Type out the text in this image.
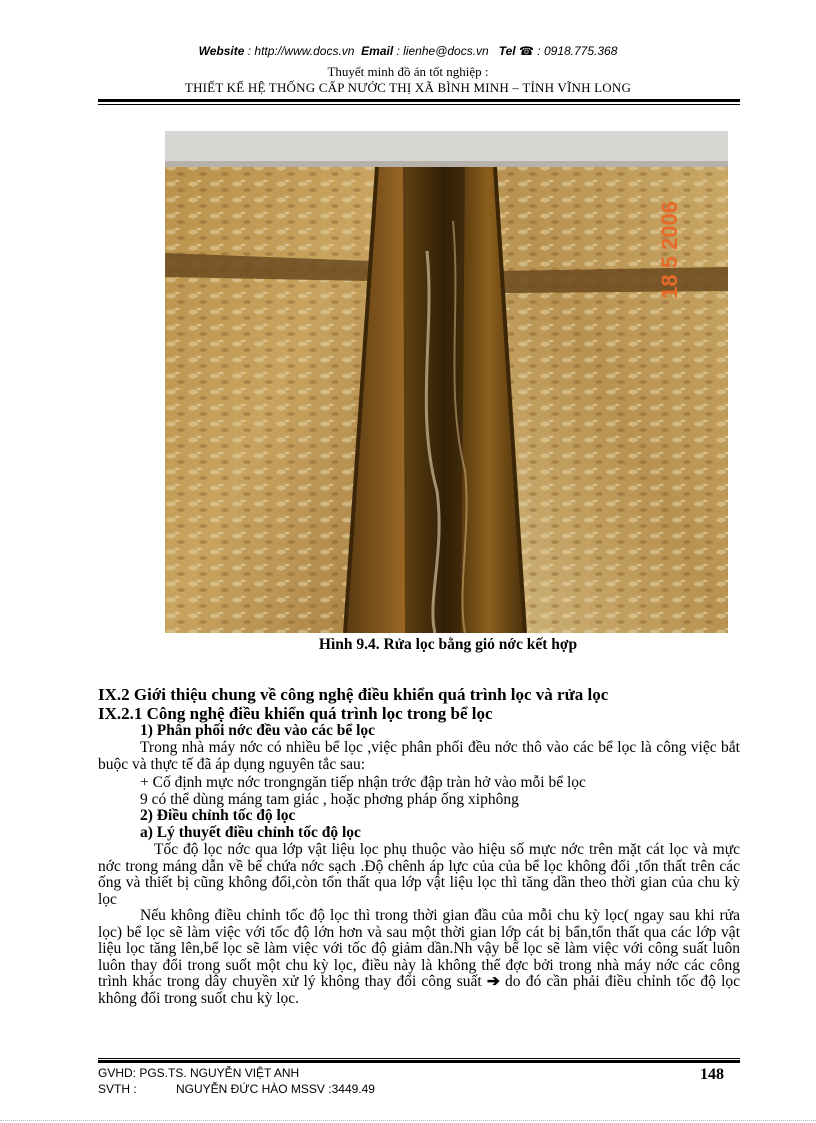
Website : http://www.docs.vn Email : lienhe@docs.vn Tel ☎ : 0918.775.368
Thuyết minh đồ án tốt nghiệp :
THIẾT KẾ HỆ THỐNG CẤP NƯỚC THỊ XÃ BÌNH MINH – TỈNH VĨNH LONG
18 5 2006
Hình 9.4. Rửa lọc bằng gió nớc kết hợp
IX.2 Giới thiệu chung về công nghệ điều khiển quá trình lọc và rửa lọc
IX.2.1 Công nghệ điều khiển quá trình lọc trong bể lọc
1) Phân phối nớc đều vào các bể lọc
Trong nhà máy nớc có nhiều bể lọc ,việc phân phối đều nớc thô vào các bể lọc là công việc bắt buộc và thực tế đã áp dụng nguyên tắc sau:
+ Cố định mực nớc trongngăn tiếp nhận trớc đập tràn hở vào mỗi bể lọc
9 có thể dùng máng tam giác , hoặc phơng pháp ống xiphông
2) Điều chỉnh tốc độ lọc
a) Lý thuyết điều chỉnh tốc độ lọc
Tốc độ lọc nớc qua lớp vật liệu lọc phụ thuộc vào hiệu số mực nớc trên mặt cát lọc và mực nớc trong máng dẫn về bể chứa nớc sạch .Độ chênh áp lực của của bể lọc không đổi ,tổn thất trên các ống và thiết bị cũng không đổi,còn tổn thất qua lớp vật liệu lọc thì tăng dần theo thời gian của chu kỳ lọc
Nếu không điều chỉnh tốc độ lọc thì trong thời gian đầu của mỗi chu kỳ lọc( ngay sau khi rửa lọc) bể lọc sẽ làm việc với tốc độ lớn hơn và sau một thời gian lớp cát bị bẩn,tổn thất qua các lớp vật liệu lọc tăng lên,bể lọc sẽ làm việc với tốc độ giảm dần.Nh vậy bể lọc sẽ làm việc với công suất luôn luôn thay đổi trong suốt một chu kỳ lọc, điều này là không thể đợc bởi trong nhà máy nớc các công trình khác trong dây chuyền xử lý không thay đổi công suất ➔ do đó cần phải điều chỉnh tốc độ lọc không đổi trong suốt chu kỳ lọc.
GVHD: PGS.TS. NGUYỄN VIỆT ANH
SVTH :	NGUYỄN ĐỨC HÀO MSSV :3449.49
148
